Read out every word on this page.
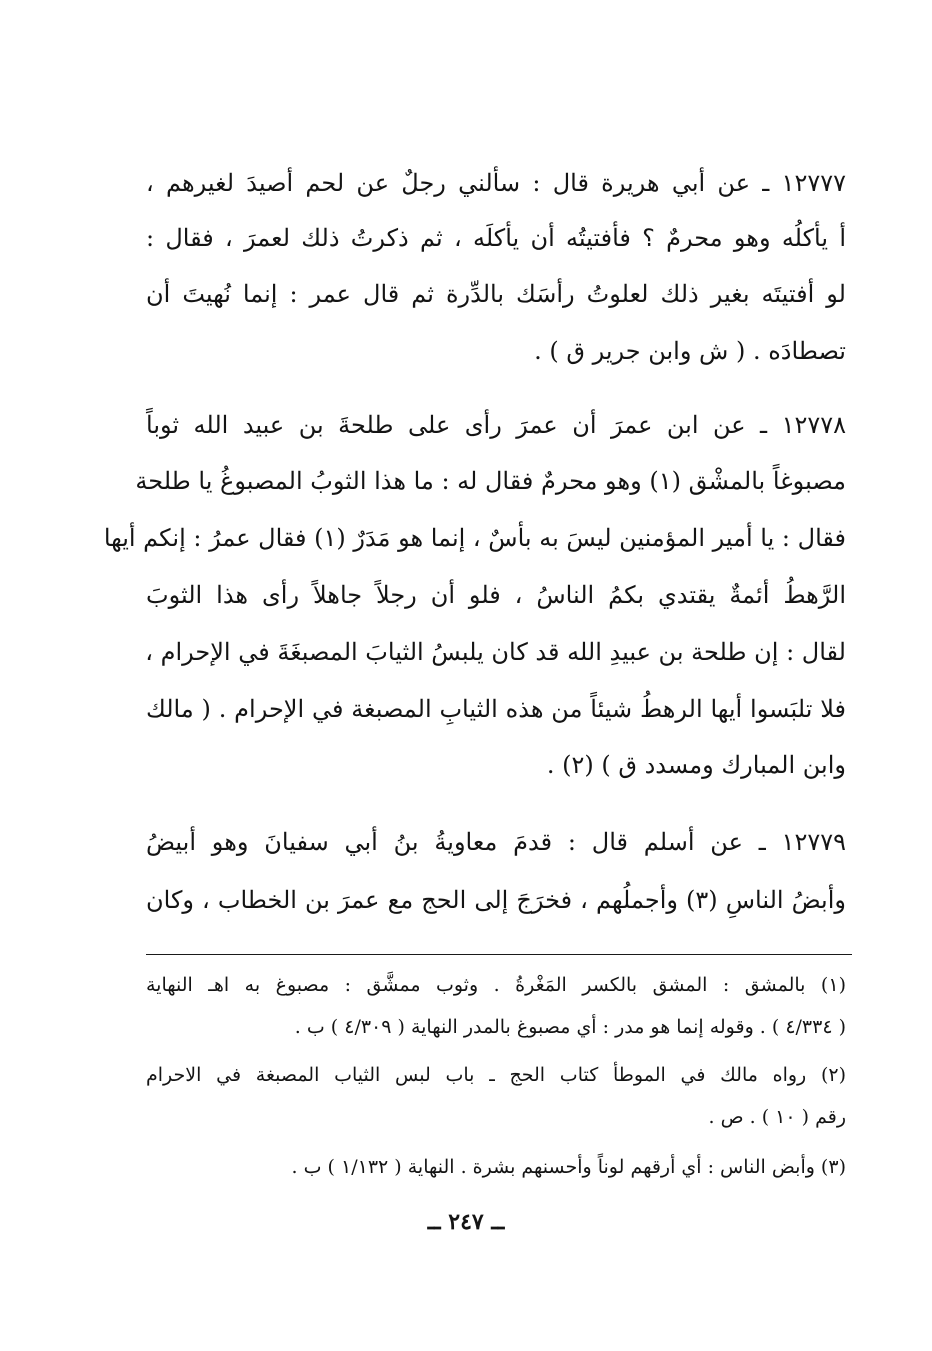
١٢٧٧٧ ـ عن أبي هريرة قال : سألني رجلٌ عن لحم أصيدَ لغيرهم ،
أ يأكلُه وهو محرمٌ ؟ فأفتيتُه أن يأكلَه ، ثم ذكرتُ ذلك لعمرَ ، فقال :
لو أفتيتَه بغير ذلك لعلوتُ رأسَك بالدِّرة ثم قال عمر : إنما نُهيتَ أن
تصطادَه . ( ش وابن جرير ق ) .
١٢٧٧٨ ـ عن ابن عمرَ أن عمرَ رأى على طلحةَ بن عبيد الله ثوباً
مصبوغاً بالمشْق (١) وهو محرمٌ فقال له : ما هذا الثوبُ المصبوغُ يا طلحة
فقال : يا أمير المؤمنين ليسَ به بأسٌ ، إنما هو مَدَرٌ (١) فقال عمرُ : إنكم أيها
الرَّهطُ أئمةٌ يقتدي بكمُ الناسُ ، فلو أن رجلاً جاهلاً رأى هذا الثوبَ
لقال : إن طلحة بن عبيدِ الله قد كان يلبسُ الثيابَ المصبغَةَ في الإحرام ،
فلا تلبَسوا أيها الرهطُ شيئاً من هذه الثيابِ المصبغة في الإحرام . ( مالك
وابن المبارك ومسدد ق ) (٢) .
١٢٧٧٩ ـ عن أسلم قال : قدمَ معاويةُ بنُ أبي سفيانَ وهو أبيضُ
وأبضُ الناسِ (٣) وأجملُهم ، فخرَجَ إلى الحج مع عمرَ بن الخطاب ، وكان
(١) بالمشق : المشق بالكسر المَغْرةُ . وثوب ممشَّق : مصبوغ به اهـ النهاية
( ٤/٣٣٤ ) . وقوله إنما هو مدر : أي مصبوغ بالمدر النهاية ( ٤/٣٠٩ ) ب .
(٢) رواه مالك في الموطأ كتاب الحج ـ باب لبس الثياب المصبغة في الاحرام
رقم ( ١٠ ) . ص .
(٣) وأبض الناس : أي أرقهم لوناً وأحسنهم بشرة . النهاية ( ١/١٣٢ ) ب .
ــ ٢٤٧ ــ
